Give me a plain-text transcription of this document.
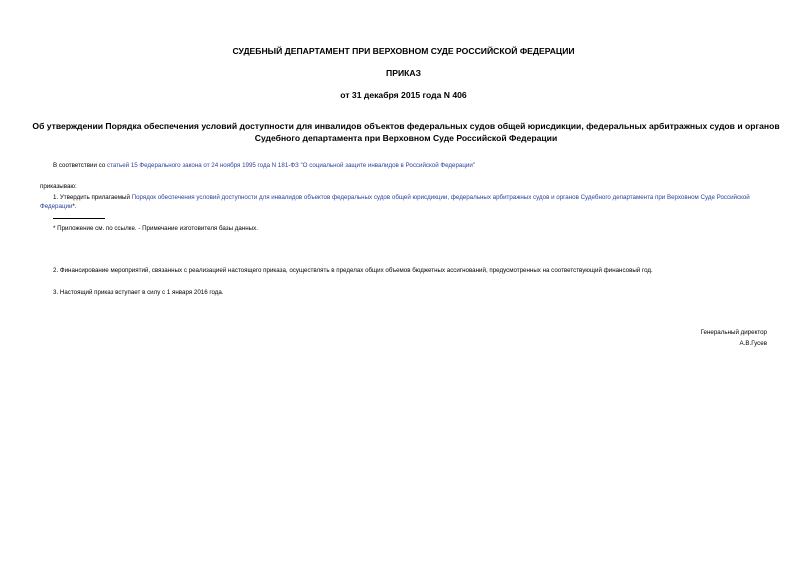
СУДЕБНЫЙ ДЕПАРТАМЕНТ ПРИ ВЕРХОВНОМ СУДЕ РОССИЙСКОЙ ФЕДЕРАЦИИ
ПРИКАЗ
от 31 декабря 2015 года N 406
Об утверждении Порядка обеспечения условий доступности для инвалидов объектов федеральных судов общей юрисдикции, федеральных арбитражных судов и органов Судебного департамента при Верховном Суде Российской Федерации
В соответствии со статьей 15 Федерального закона от 24 ноября 1995 года N 181-ФЗ "О социальной защите инвалидов в Российской Федерации"
приказываю:
1. Утвердить прилагаемый Порядок обеспечения условий доступности для инвалидов объектов федеральных судов общей юрисдикции, федеральных арбитражных судов и органов Судебного департамента при Верховном Суде Российской Федерации*.
* Приложение см. по ссылке. - Примечание изготовителя базы данных.
2. Финансирование мероприятий, связанных с реализацией настоящего приказа, осуществлять в пределах общих объемов бюджетных ассигнований, предусмотренных на соответствующий финансовый год.
3. Настоящий приказ вступает в силу с 1 января 2016 года.
Генеральный директор
А.В.Гусев
